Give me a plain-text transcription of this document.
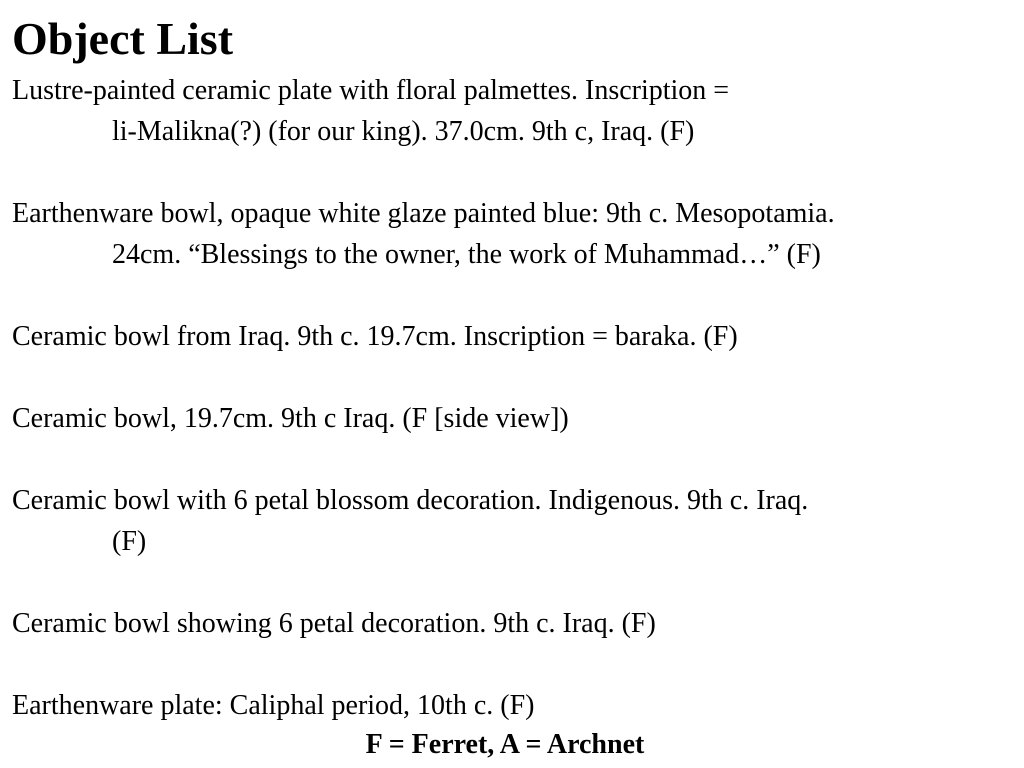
Object List

Lustre-painted ceramic plate with floral palmettes. Inscription =
li-Malikna(?) (for our king). 37.0cm. 9th c, Iraq. (F)

Earthenware bowl, opaque white glaze painted blue: 9th c. Mesopotamia.
24cm. “Blessings to the owner, the work of Muhammad…” (F)

Ceramic bowl from Iraq. 9th c. 19.7cm. Inscription = baraka. (F)

Ceramic bowl, 19.7cm. 9th c Iraq. (F [side view])

Ceramic bowl with 6 petal blossom decoration. Indigenous. 9th c. Iraq.
(F)

Ceramic bowl showing 6 petal decoration. 9th c. Iraq. (F)

Earthenware plate: Caliphal period, 10th c. (F)

F = Ferret, A = Archnet
